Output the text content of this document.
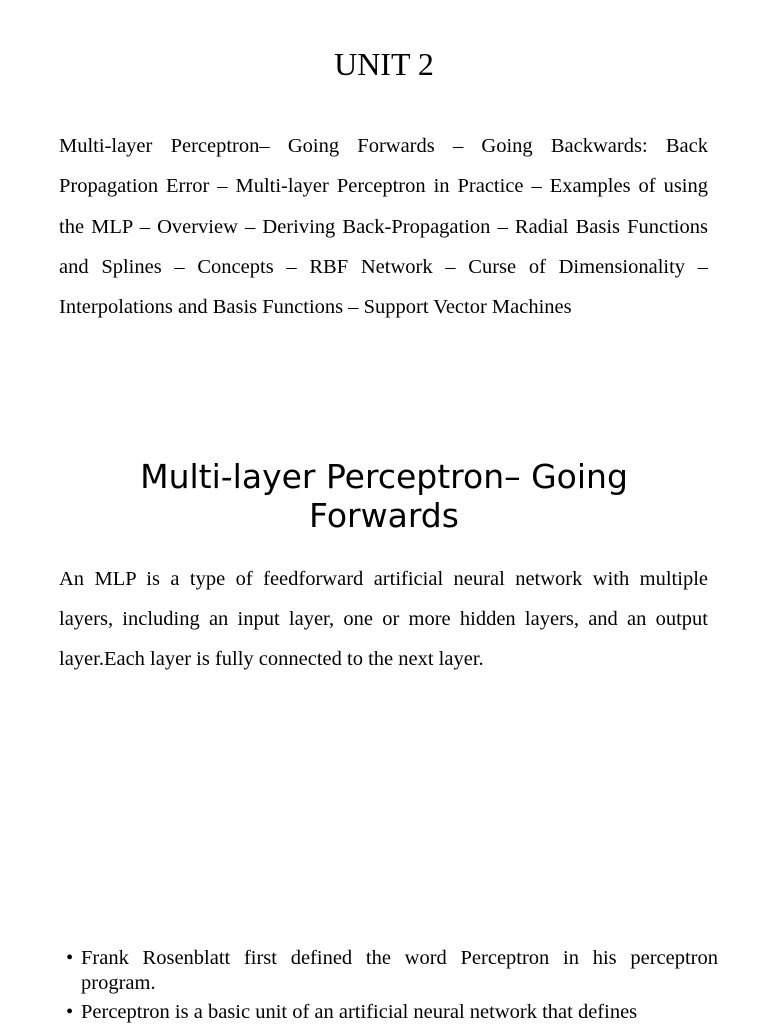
UNIT 2

Multi-layer Perceptron– Going Forwards – Going Backwards: Back Propagation Error – Multi-layer Perceptron in Practice – Examples of using the MLP – Overview – Deriving Back-Propagation – Radial Basis Functions and Splines – Concepts – RBF Network – Curse of Dimensionality – Interpolations and Basis Functions – Support Vector Machines

Multi-layer Perceptron– Going Forwards

An MLP is a type of feedforward artificial neural network with multiple layers, including an input layer, one or more hidden layers, and an output layer.Each layer is fully connected to the next layer.

• Frank Rosenblatt first defined the word Perceptron in his perceptron program.
• Perceptron is a basic unit of an artificial neural network that defines
